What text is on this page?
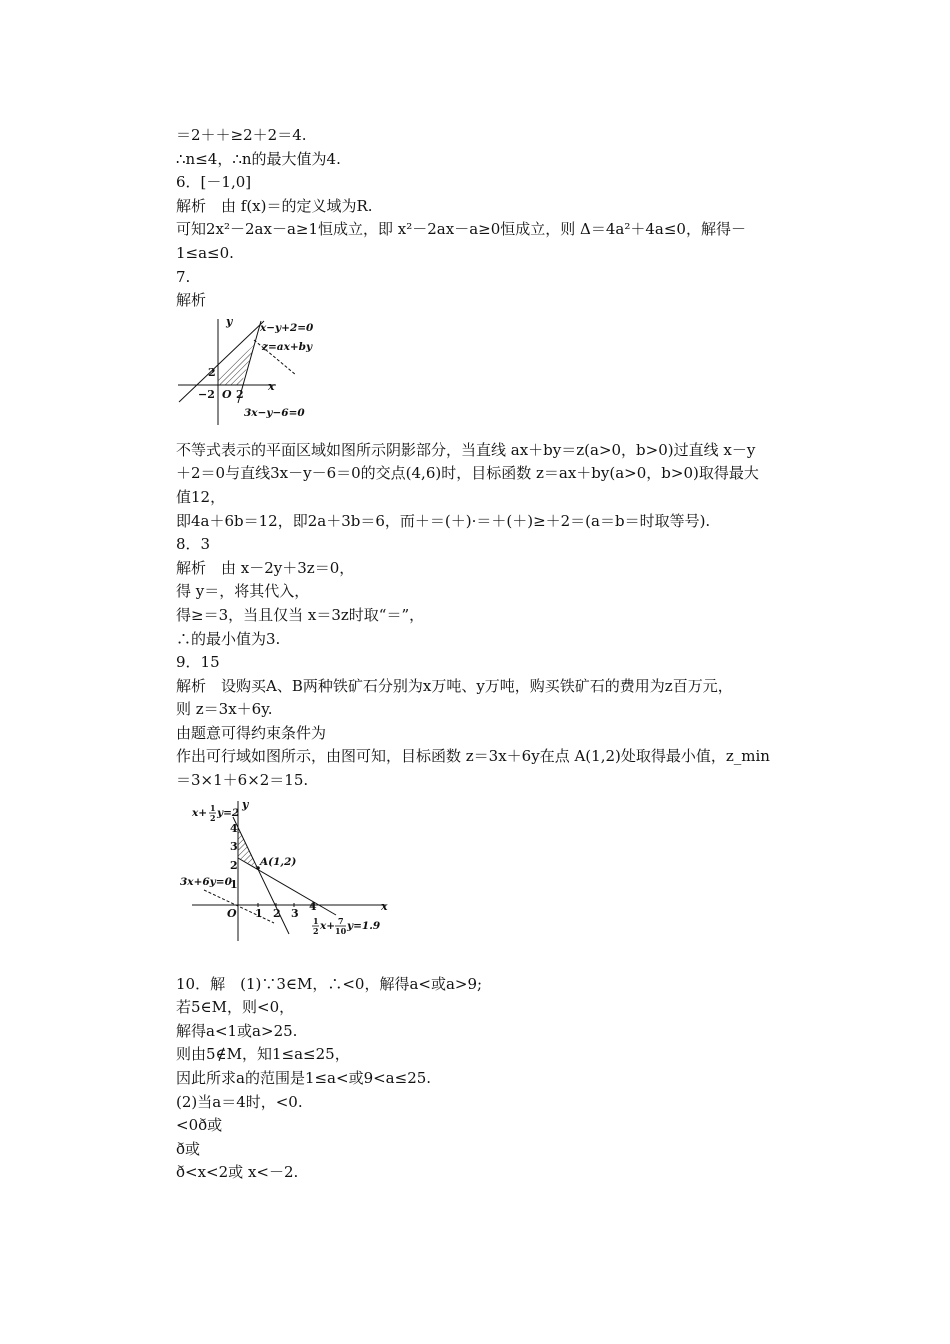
＝2＋＋≥2＋2＝4.
∴n≤4，∴n的最大值为4.
6．[－1,0]
解析　由 f(x)＝的定义域为R.
可知2x²－2ax－a≥1恒成立，即 x²－2ax－a≥0恒成立，则 Δ＝4a²＋4a≤0，解得－
1≤a≤0.
7.
解析
y
x
O
−2 2
2
x−y+2=0
z=ax+by
3x−y−6=0
不等式表示的平面区域如图所示阴影部分，当直线 ax＋by＝z(a>0，b>0)过直线 x－y
＋2＝0与直线3x－y－6＝0的交点(4,6)时，目标函数 z＝ax＋by(a>0，b>0)取得最大
值12，
即4a＋6b＝12，即2a＋3b＝6，而＋＝(＋)·＝＋(＋)≥＋2＝(a＝b＝时取等号).
8．3
解析　由 x－2y＋3z＝0，
得 y＝，将其代入，
得≥＝3，当且仅当 x＝3z时取“＝”，
∴的最小值为3.
9．15
解析　设购买A、B两种铁矿石分别为x万吨、y万吨，购买铁矿石的费用为z百万元，
则 z＝3x＋6y.
由题意可得约束条件为
作出可行域如图所示，由图可知，目标函数 z＝3x＋6y在点 A(1,2)处取得最小值，z_min
＝3×1＋6×2＝15.
y
x
O
4
3
2
1
1 2 3
4
x+ 1
2 y=2
3x+6y=0
A(1,2)
1
2 x+ 7
10 y=1.9
10．解　(1)∵3∈M，∴<0，解得a<或a>9;
若5∈M，则<0，
解得a<1或a>25.
则由5∉M，知1≤a≤25，
因此所求a的范围是1≤a<或9<a≤25.
(2)当a＝4时，<0.
<0ð或
ð或
ð<x<2或 x<－2.
